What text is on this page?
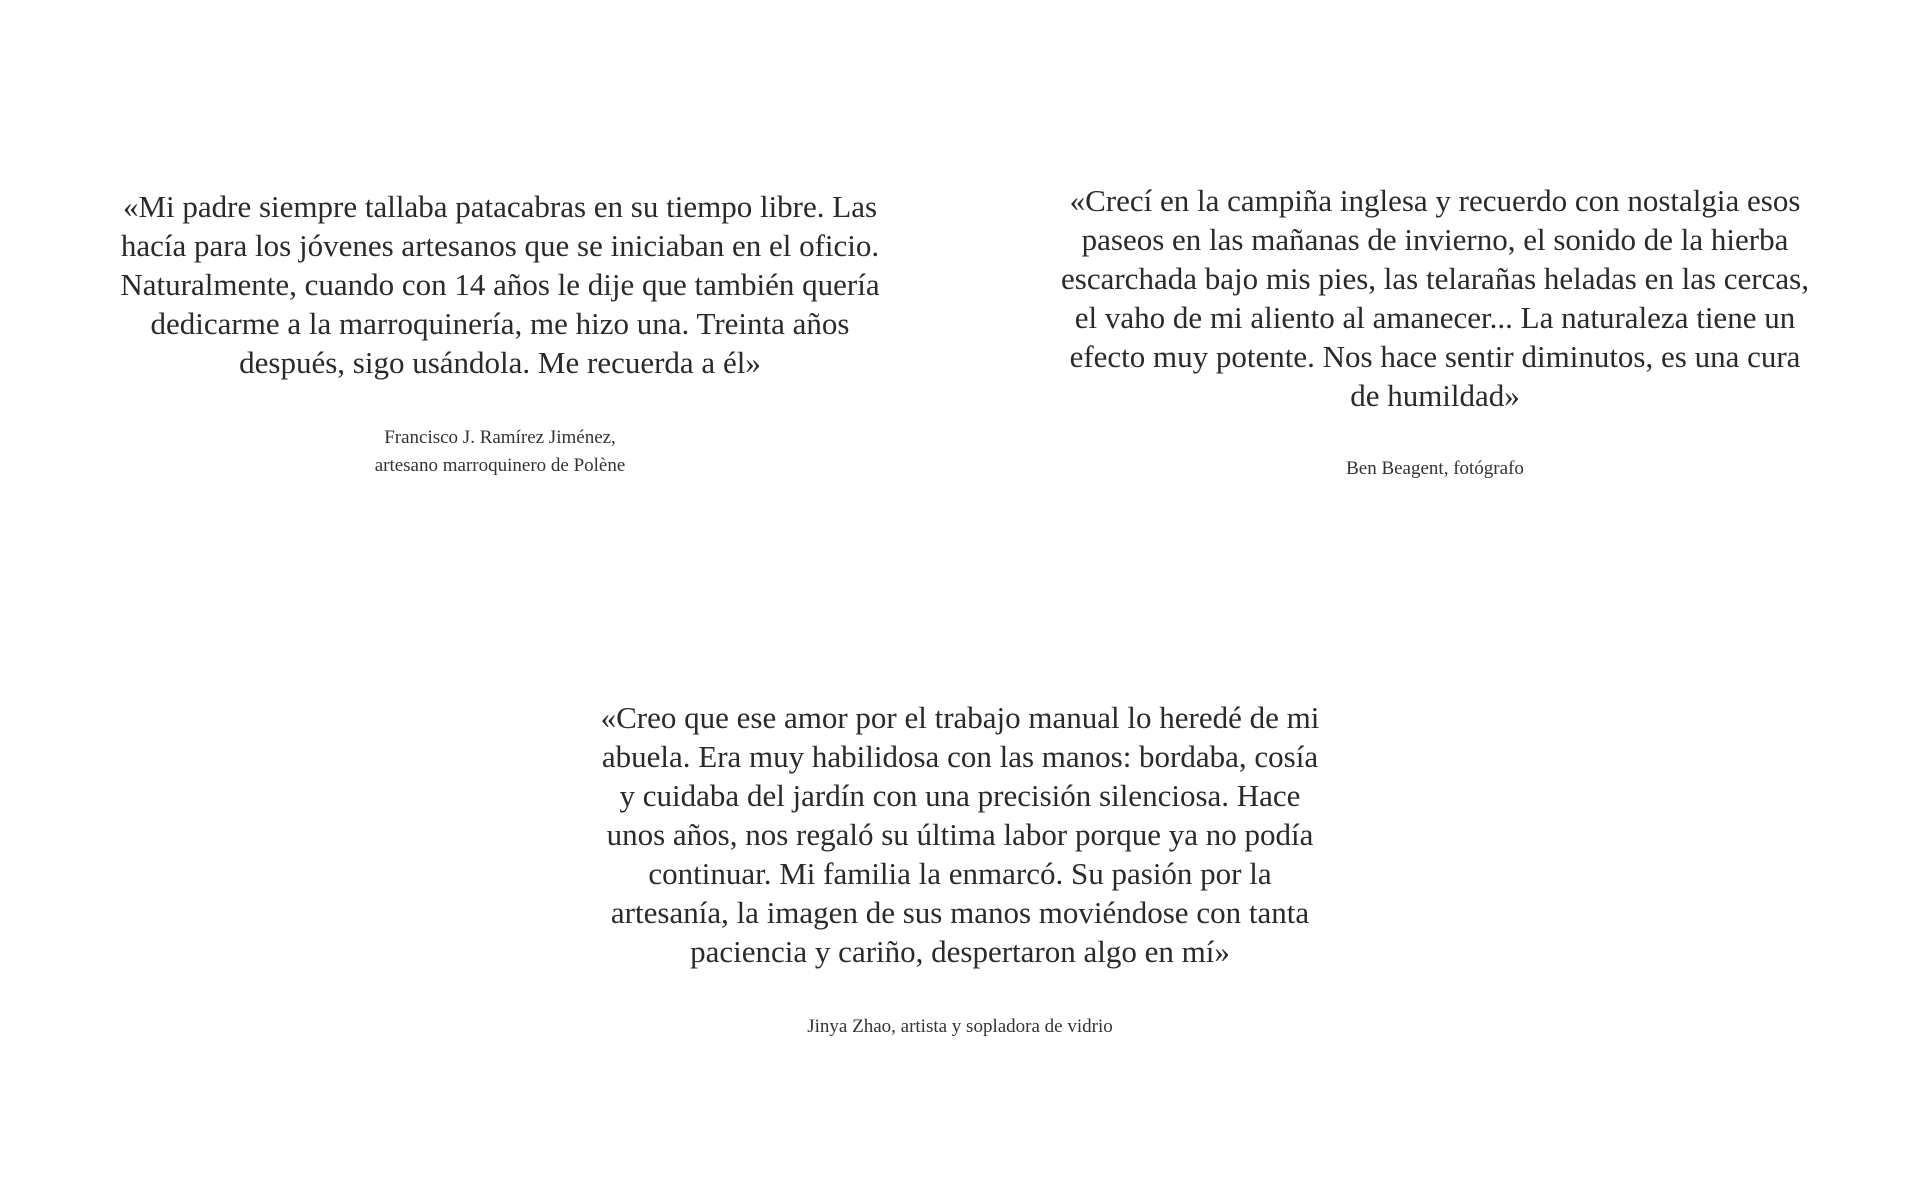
«Mi padre siempre tallaba patacabras en su tiempo libre. Las hacía para los jóvenes artesanos que se iniciaban en el oficio. Naturalmente, cuando con 14 años le dije que también quería dedicarme a la marroquinería, me hizo una. Treinta años después, sigo usándola. Me recuerda a él»

Francisco J. Ramírez Jiménez,
artesano marroquinero de Polène

«Crecí en la campiña inglesa y recuerdo con nostalgia esos paseos en las mañanas de invierno, el sonido de la hierba escarchada bajo mis pies, las telarañas heladas en las cercas, el vaho de mi aliento al amanecer... La naturaleza tiene un efecto muy potente. Nos hace sentir diminutos, es una cura de humildad»

Ben Beagent, fotógrafo

«Creo que ese amor por el trabajo manual lo heredé de mi abuela. Era muy habilidosa con las manos: bordaba, cosía y cuidaba del jardín con una precisión silenciosa. Hace unos años, nos regaló su última labor porque ya no podía continuar. Mi familia la enmarcó. Su pasión por la artesanía, la imagen de sus manos moviéndose con tanta paciencia y cariño, despertaron algo en mí»

Jinya Zhao, artista y sopladora de vidrio
